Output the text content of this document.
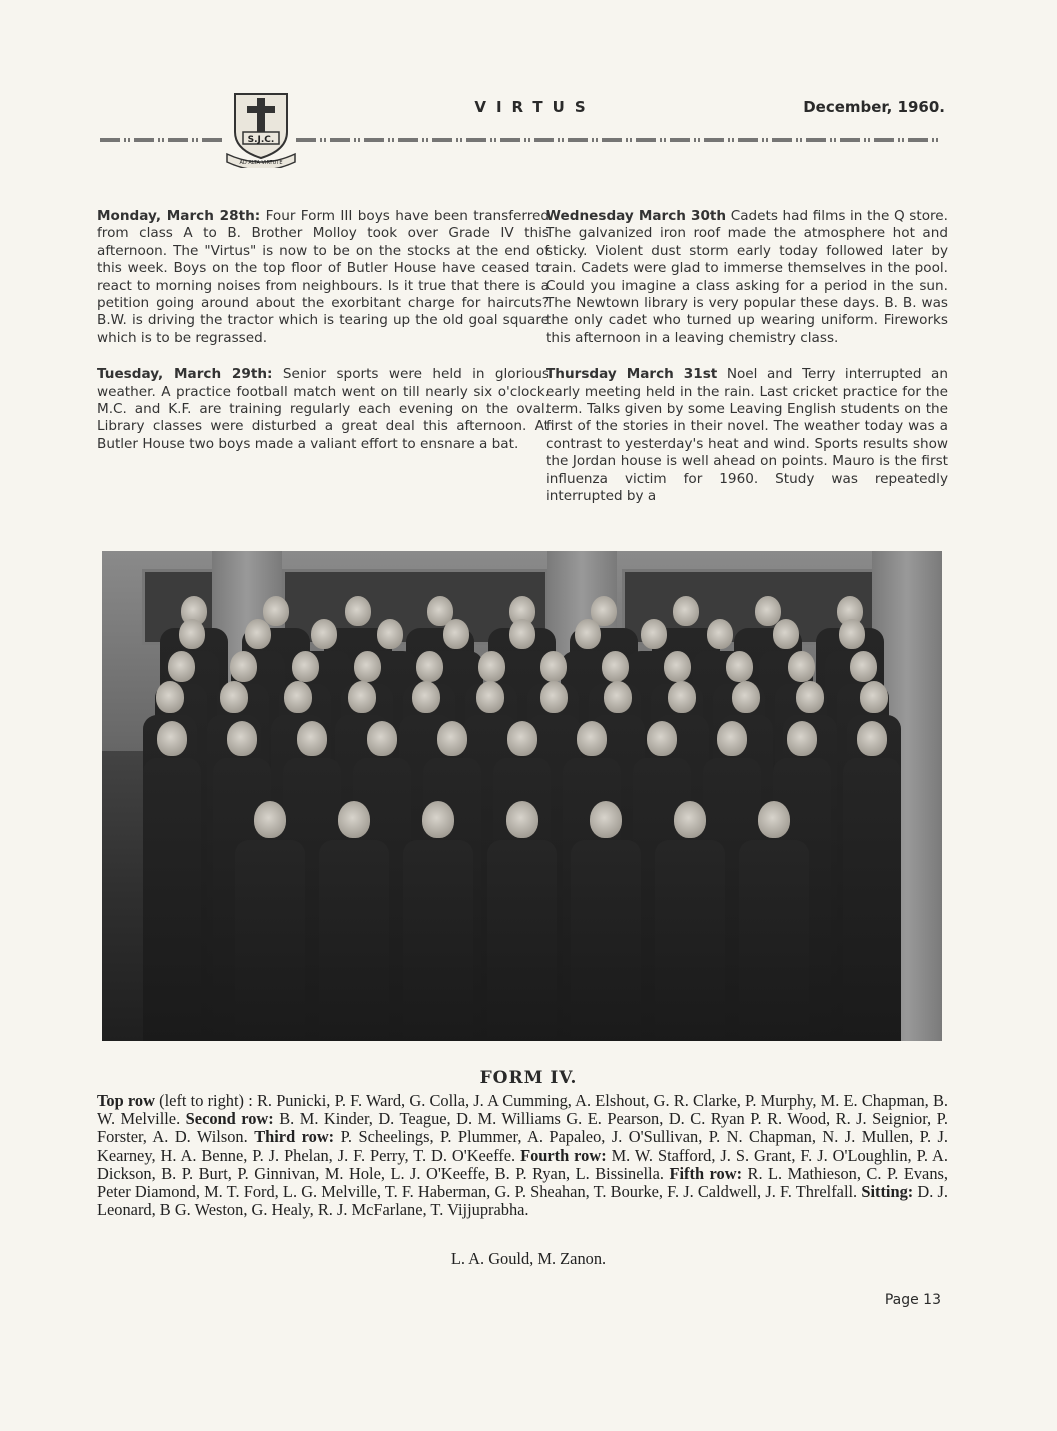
S.J.C.
AD ALTA VIRTUTE
VIRTUS	December, 1960.

Monday, March 28th: Four Form III boys have been transferred from class A to B. Brother Molloy took over Grade IV this afternoon. The "Virtus" is now to be on the stocks at the end of this week. Boys on the top floor of Butler House have ceased to react to morning noises from neighbours. Is it true that there is a petition going around about the exorbitant charge for haircuts? B.W. is driving the tractor which is tearing up the old goal square which is to be regrassed.

Tuesday, March 29th: Senior sports were held in glorious weather. A practice football match went on till nearly six o'clock. M.C. and K.F. are training regularly each evening on the oval. Library classes were disturbed a great deal this afternoon. At Butler House two boys made a valiant effort to ensnare a bat.

Wednesday March 30th Cadets had films in the Q store. The galvanized iron roof made the atmosphere hot and sticky. Violent dust storm early today followed later by rain. Cadets were glad to immerse themselves in the pool. Could you imagine a class asking for a period in the sun. The Newtown library is very popular these days. B. B. was the only cadet who turned up wearing uniform. Fireworks this afternoon in a leaving chemistry class.

Thursday March 31st Noel and Terry interrupted an early meeting held in the rain. Last cricket practice for the term. Talks given by some Leaving English students on the first of the stories in their novel. The weather today was a contrast to yesterday's heat and wind. Sports results show the Jordan house is well ahead on points. Mauro is the first influenza victim for 1960. Study was repeatedly interrupted by a

FORM IV.
Top row (left to right) : R. Punicki, P. F. Ward, G. Colla, J. A Cumming, A. Elshout, G. R. Clarke, P. Murphy, M. E. Chapman, B. W. Melville. Second row: B. M. Kinder, D. Teague, D. M. Williams G. E. Pearson, D. C. Ryan P. R. Wood, R. J. Seignior, P. Forster, A. D. Wilson. Third row: P. Scheelings, P. Plummer, A. Papaleo, J. O'Sullivan, P. N. Chapman, N. J. Mullen, P. J. Kearney, H. A. Benne, P. J. Phelan, J. F. Perry, T. D. O'Keeffe. Fourth row: M. W. Stafford, J. S. Grant, F. J. O'Loughlin, P. A. Dickson, B. P. Burt, P. Ginnivan, M. Hole, L. J. O'Keeffe, B. P. Ryan, L. Bissinella. Fifth row: R. L. Mathieson, C. P. Evans, Peter Diamond, M. T. Ford, L. G. Melville, T. F. Haberman, G. P. Sheahan, T. Bourke, F. J. Caldwell, J. F. Threlfall. Sitting: D. J. Leonard, B G. Weston, G. Healy, R. J. McFarlane, T. Vijjuprabha.
L. A. Gould, M. Zanon.
Page 13
